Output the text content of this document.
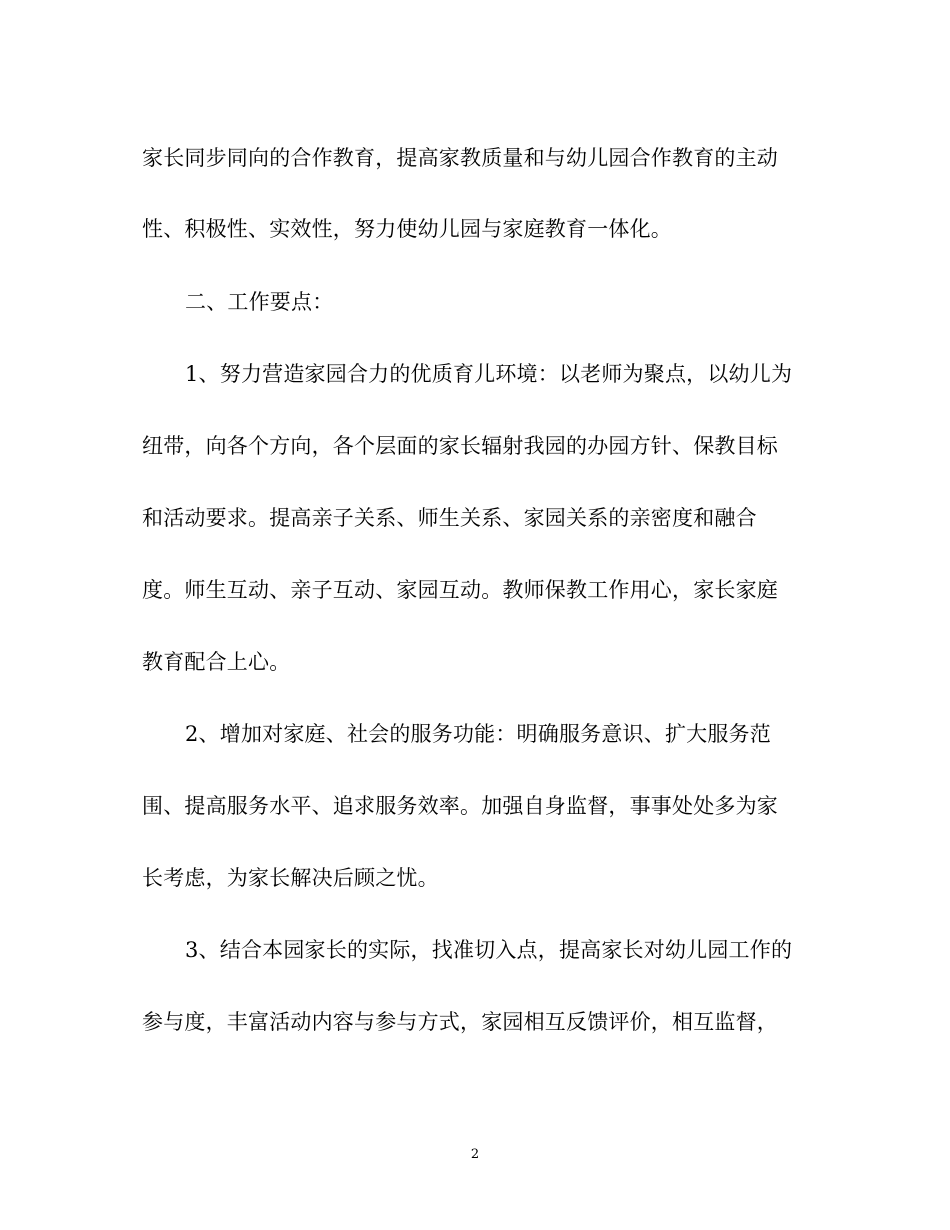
家长同步同向的合作教育，提高家教质量和与幼儿园合作教育的主动
性、积极性、实效性，努力使幼儿园与家庭教育一体化。
二、工作要点：
1、努力营造家园合力的优质育儿环境：以老师为聚点，以幼儿为
纽带，向各个方向，各个层面的家长辐射我园的办园方针、保教目标
和活动要求。提高亲子关系、师生关系、家园关系的亲密度和融合
度。师生互动、亲子互动、家园互动。教师保教工作用心，家长家庭
教育配合上心。
2、增加对家庭、社会的服务功能：明确服务意识、扩大服务范
围、提高服务水平、追求服务效率。加强自身监督，事事处处多为家
长考虑，为家长解决后顾之忧。
3、结合本园家长的实际，找准切入点，提高家长对幼儿园工作的
参与度，丰富活动内容与参与方式，家园相互反馈评价，相互监督，
2
